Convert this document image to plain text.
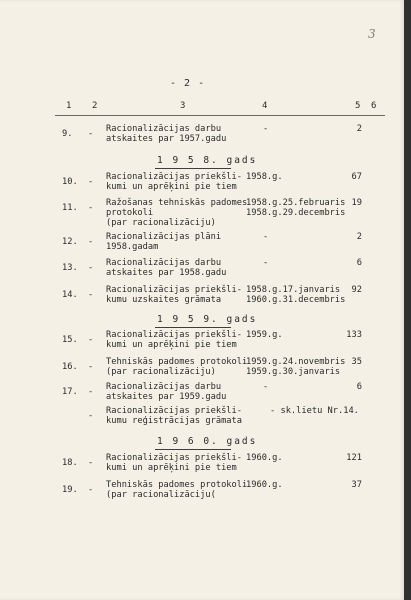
3
- 2 -
1 2	3	4	5 6
9. - Racionalizācijas darbu
atskaites par 1957.gadu
-	2
1 9 5 8. gads
10. - Racionalizācijas priekšli-
kumi un aprēķini pie tiem
1958.g.	67
11. - Ražošanas tehniskās padomes
protokoli
(par racionalizāciju)
1958.g.25.februaris
1958.g.29.decembris
19
12. - Racionalizācijas plāni
1958.gadam
-	2
13. - Racionalizācijas darbu
atskaites par 1958.gadu
-	6
14. - Racionalizācijas priekšli-
kumu uzskaites grāmata
1958.g.17.janvaris
1960.g.31.decembris
92
1 9 5 9. gads
15. - Racionalizācijas priekšli-
kumi un aprēķini pie tiem
1959.g.	133
16. - Tehniskās padomes protokoli
(par racionalizāciju)
1959.g.24.novembris
1959.g.30.janvaris
35
17. - Racionalizācijas darbu
atskaites par 1959.gadu
-	6
- Racionalizācijas priekšli-
kumu reģistrācijas grāmata
- sk.lietu Nr.14.
1 9 6 0. gads
18. - Racionalizācijas priekšli-
kumi un aprēķini pie tiem
1960.g.	121
19. - Tehniskās padomes protokoli
(par racionalizāciju(
1960.g.	37
